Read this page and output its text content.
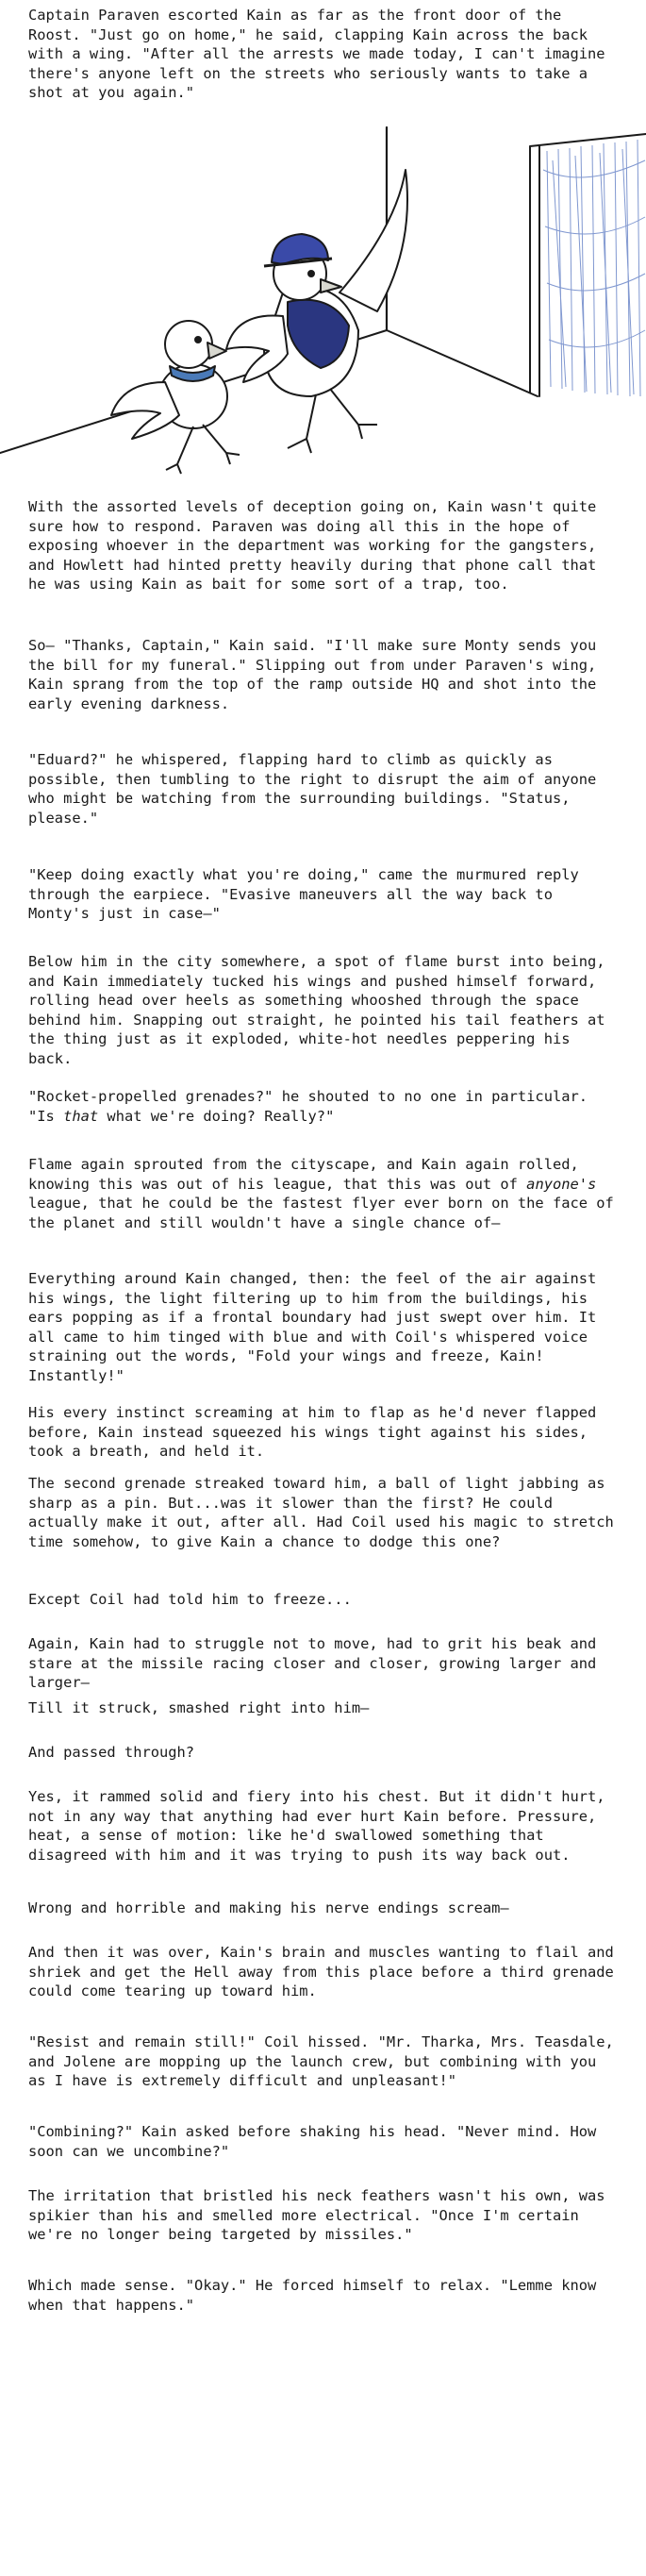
Captain Paraven escorted Kain as far as the front door of the Roost. "Just go on home," he said, clapping Kain across the back with a wing. "After all the arrests we made today, I can't imagine there's anyone left on the streets who seriously wants to take a shot at you again."

With the assorted levels of deception going on, Kain wasn't quite sure how to respond. Paraven was doing all this in the hope of exposing whoever in the department was working for the gangsters, and Howlett had hinted pretty heavily during that phone call that he was using Kain as bait for some sort of a trap, too.

So— "Thanks, Captain," Kain said. "I'll make sure Monty sends you the bill for my funeral." Slipping out from under Paraven's wing, Kain sprang from the top of the ramp outside HQ and shot into the early evening darkness.

"Eduard?" he whispered, flapping hard to climb as quickly as possible, then tumbling to the right to disrupt the aim of anyone who might be watching from the surrounding buildings. "Status, please."

"Keep doing exactly what you're doing," came the murmured reply through the earpiece. "Evasive maneuvers all the way back to Monty's just in case—"

Below him in the city somewhere, a spot of flame burst into being, and Kain immediately tucked his wings and pushed himself forward, rolling head over heels as something whooshed through the space behind him. Snapping out straight, he pointed his tail feathers at the thing just as it exploded, white-hot needles peppering his back.

"Rocket-propelled grenades?" he shouted to no one in particular. "Is that what we're doing? Really?"

Flame again sprouted from the cityscape, and Kain again rolled, knowing this was out of his league, that this was out of anyone's league, that he could be the fastest flyer ever born on the face of the planet and still wouldn't have a single chance of—

Everything around Kain changed, then: the feel of the air against his wings, the light filtering up to him from the buildings, his ears popping as if a frontal boundary had just swept over him. It all came to him tinged with blue and with Coil's whispered voice straining out the words, "Fold your wings and freeze, Kain! Instantly!"

His every instinct screaming at him to flap as he'd never flapped before, Kain instead squeezed his wings tight against his sides, took a breath, and held it.

The second grenade streaked toward him, a ball of light jabbing as sharp as a pin. But...was it slower than the first? He could actually make it out, after all. Had Coil used his magic to stretch time somehow, to give Kain a chance to dodge this one?

Except Coil had told him to freeze...

Again, Kain had to struggle not to move, had to grit his beak and stare at the missile racing closer and closer, growing larger and larger—

Till it struck, smashed right into him—

And passed through?

Yes, it rammed solid and fiery into his chest. But it didn't hurt, not in any way that anything had ever hurt Kain before. Pressure, heat, a sense of motion: like he'd swallowed something that disagreed with him and it was trying to push its way back out.

Wrong and horrible and making his nerve endings scream—

And then it was over, Kain's brain and muscles wanting to flail and shriek and get the Hell away from this place before a third grenade could come tearing up toward him.

"Resist and remain still!" Coil hissed. "Mr. Tharka, Mrs. Teasdale, and Jolene are mopping up the launch crew, but combining with you as I have is extremely difficult and unpleasant!"

"Combining?" Kain asked before shaking his head. "Never mind. How soon can we uncombine?"

The irritation that bristled his neck feathers wasn't his own, was spikier than his and smelled more electrical. "Once I'm certain we're no longer being targeted by missiles."

Which made sense. "Okay." He forced himself to relax. "Lemme know when that happens."
